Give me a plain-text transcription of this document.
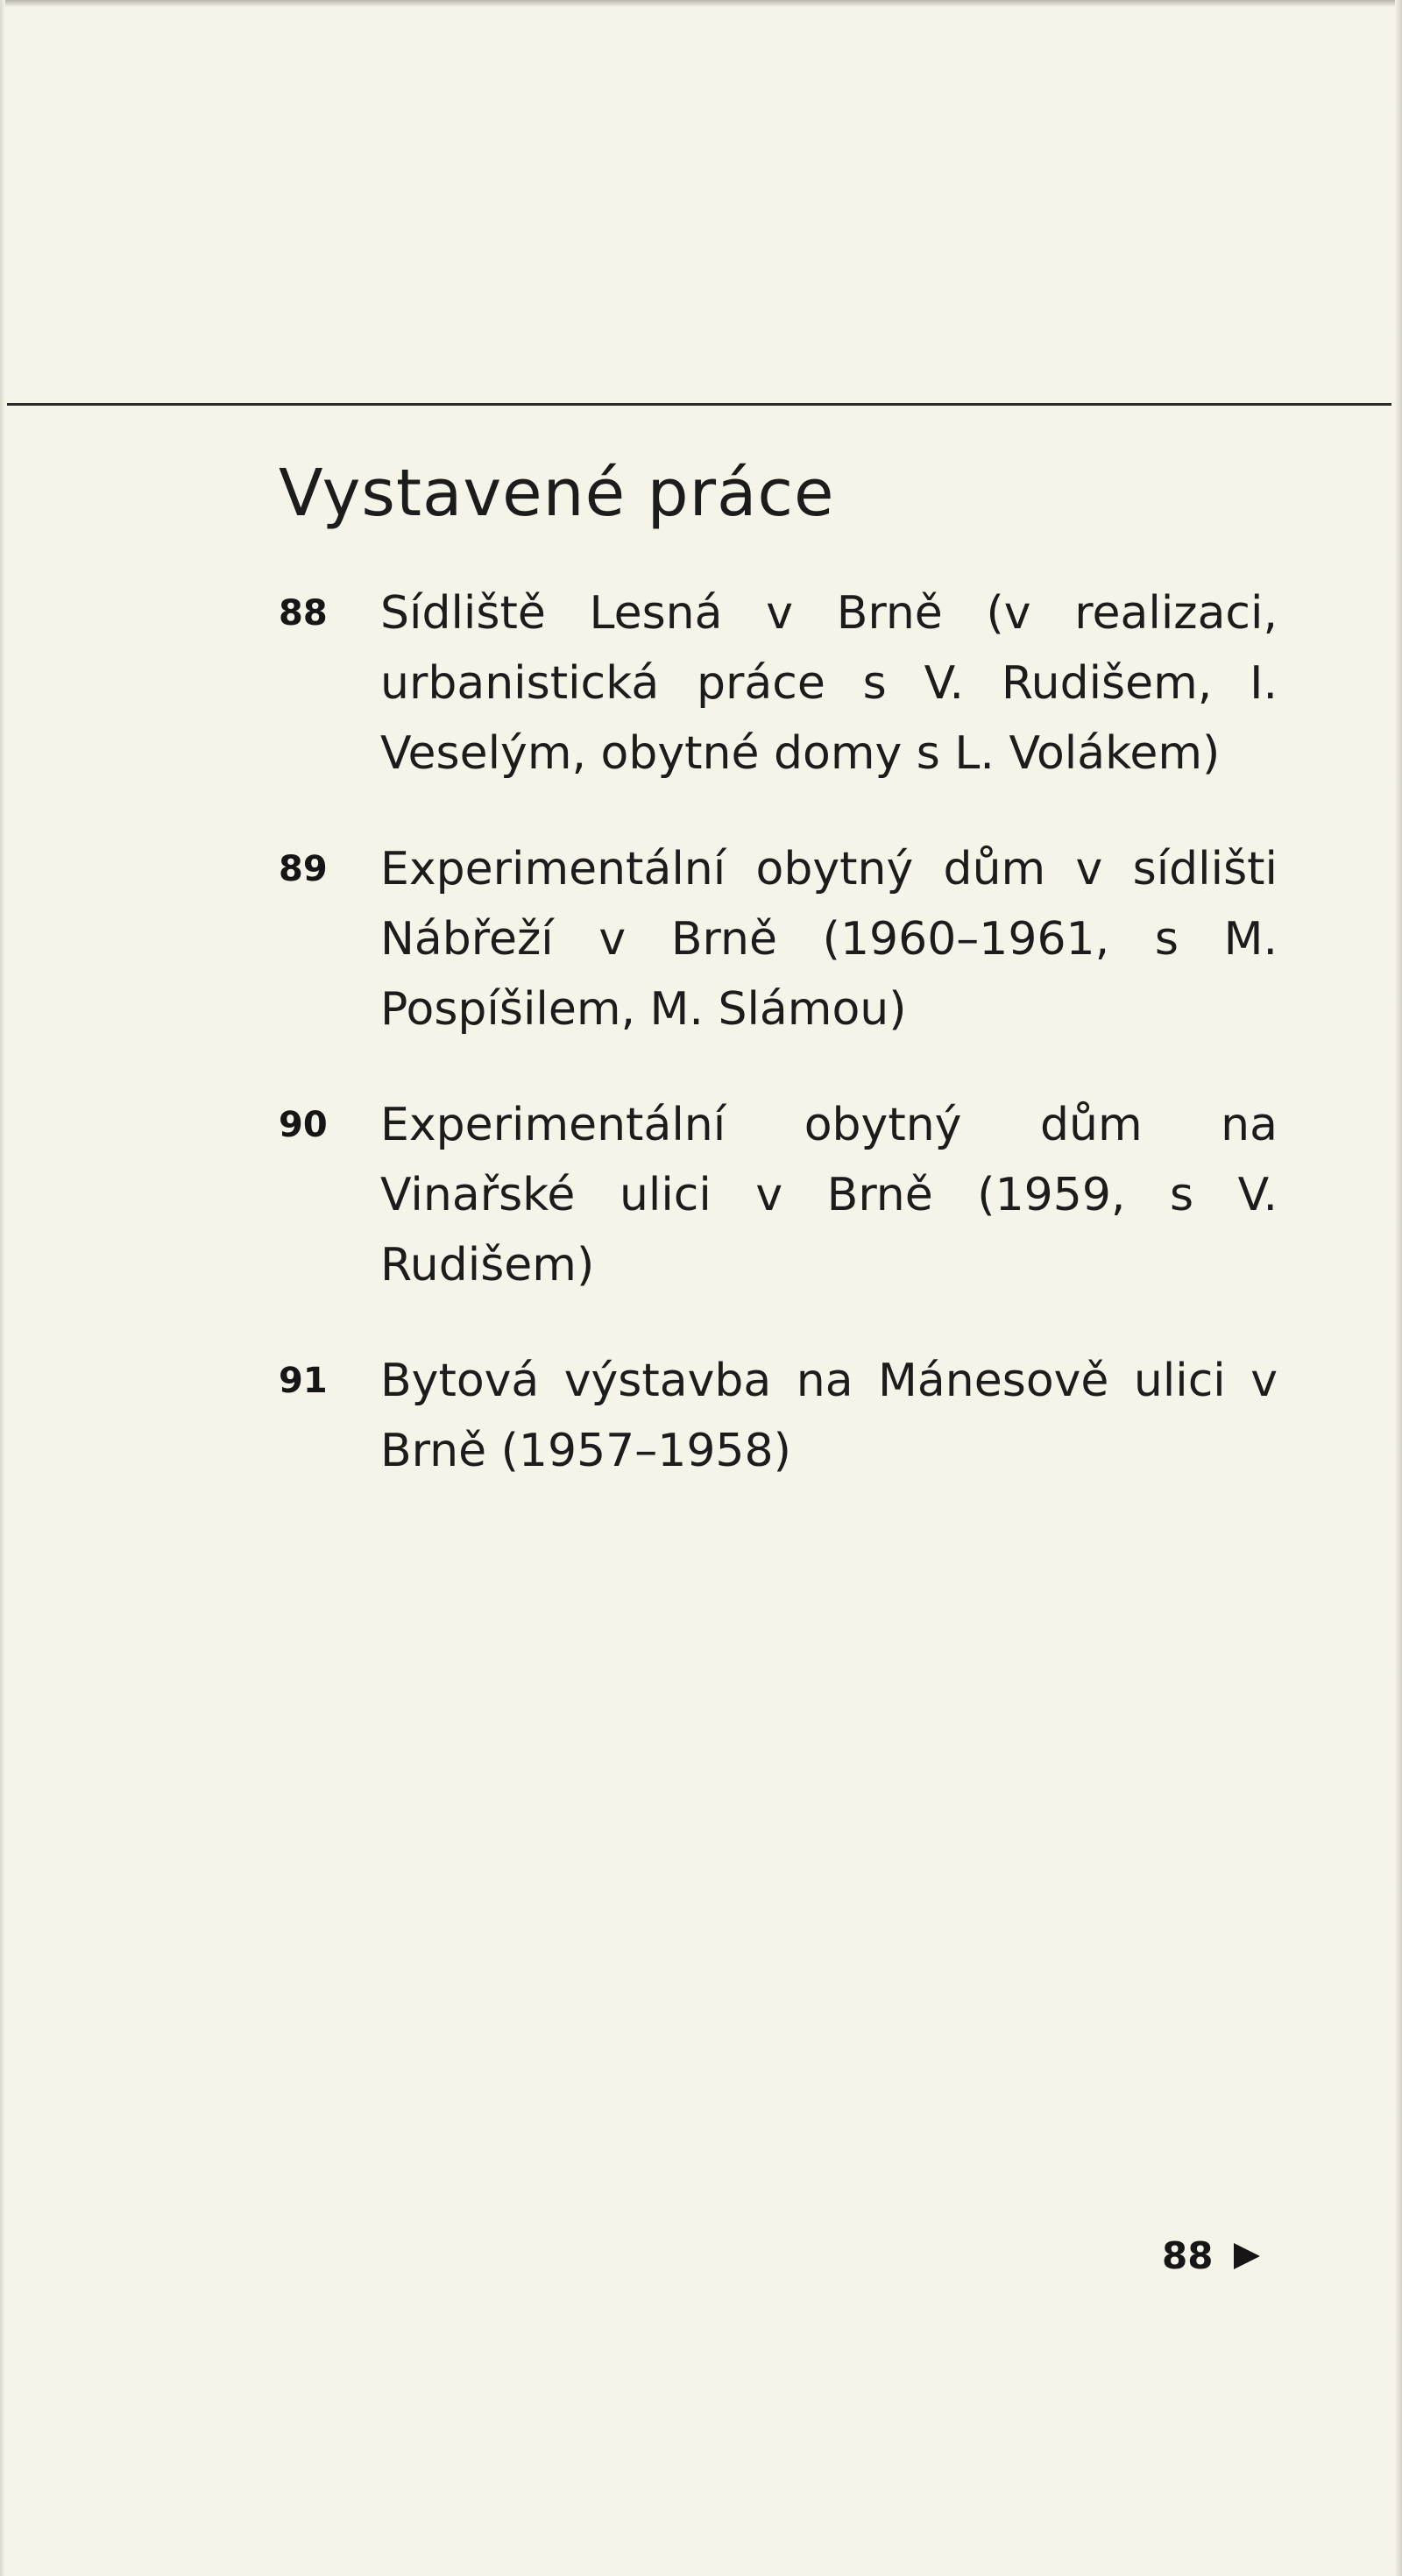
Vystavené práce
88 Sídliště Lesná v Brně (v realizaci, urbanistická práce s V. Rudišem, I. Veselým, obytné domy s L. Volákem)

89 Experimentální obytný dům v sídlišti Nábřeží v Brně (1960–1961, s M. Pospíšilem, M. Slámou)

90 Experimentální obytný dům na Vinařské ulici v Brně (1959, s V. Rudišem)

91 Bytová výstavba na Mánesově ulici v Brně (1957–1958)

88
